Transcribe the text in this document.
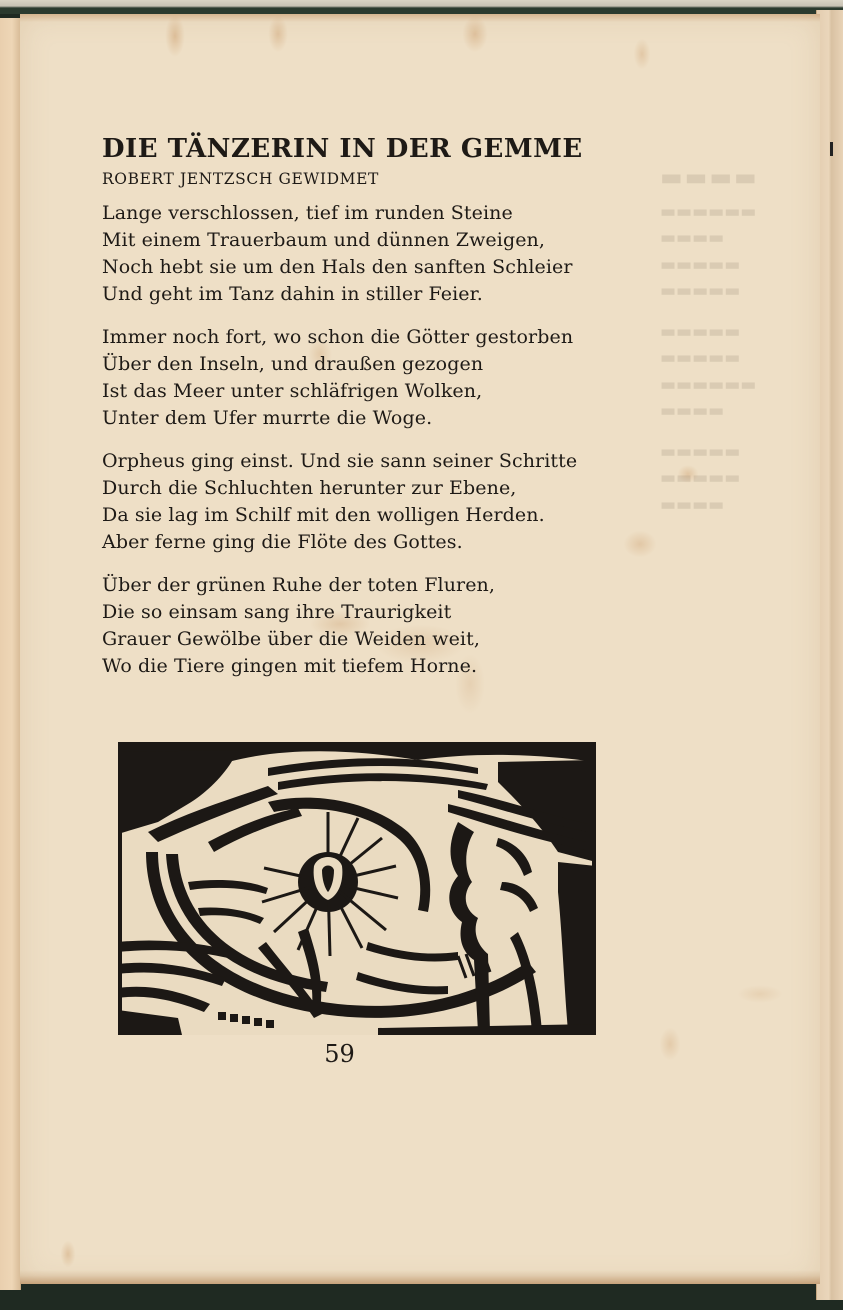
▬▬▬▬
▬▬▬▬▬▬
▬▬▬▬
▬▬▬▬▬
▬▬▬▬▬
▬▬▬▬▬
▬▬▬▬▬
▬▬▬▬▬▬
▬▬▬▬
▬▬▬▬▬
▬▬▬▬▬
▬▬▬▬
DIE TÄNZERIN IN DER GEMME
ROBERT JENTZSCH GEWIDMET
Lange verschlossen, tief im runden Steine
Mit einem Trauerbaum und dünnen Zweigen,
Noch hebt sie um den Hals den sanften Schleier
Und geht im Tanz dahin in stiller Feier.
Immer noch fort, wo schon die Götter gestorben
Über den Inseln, und draußen gezogen
Ist das Meer unter schläfrigen Wolken,
Unter dem Ufer murrte die Woge.
Orpheus ging einst. Und sie sann seiner Schritte
Durch die Schluchten herunter zur Ebene,
Da sie lag im Schilf mit den wolligen Herden.
Aber ferne ging die Flöte des Gottes.
Über der grünen Ruhe der toten Fluren,
Die so einsam sang ihre Traurigkeit
Grauer Gewölbe über die Weiden weit,
Wo die Tiere gingen mit tiefem Horne.
59
